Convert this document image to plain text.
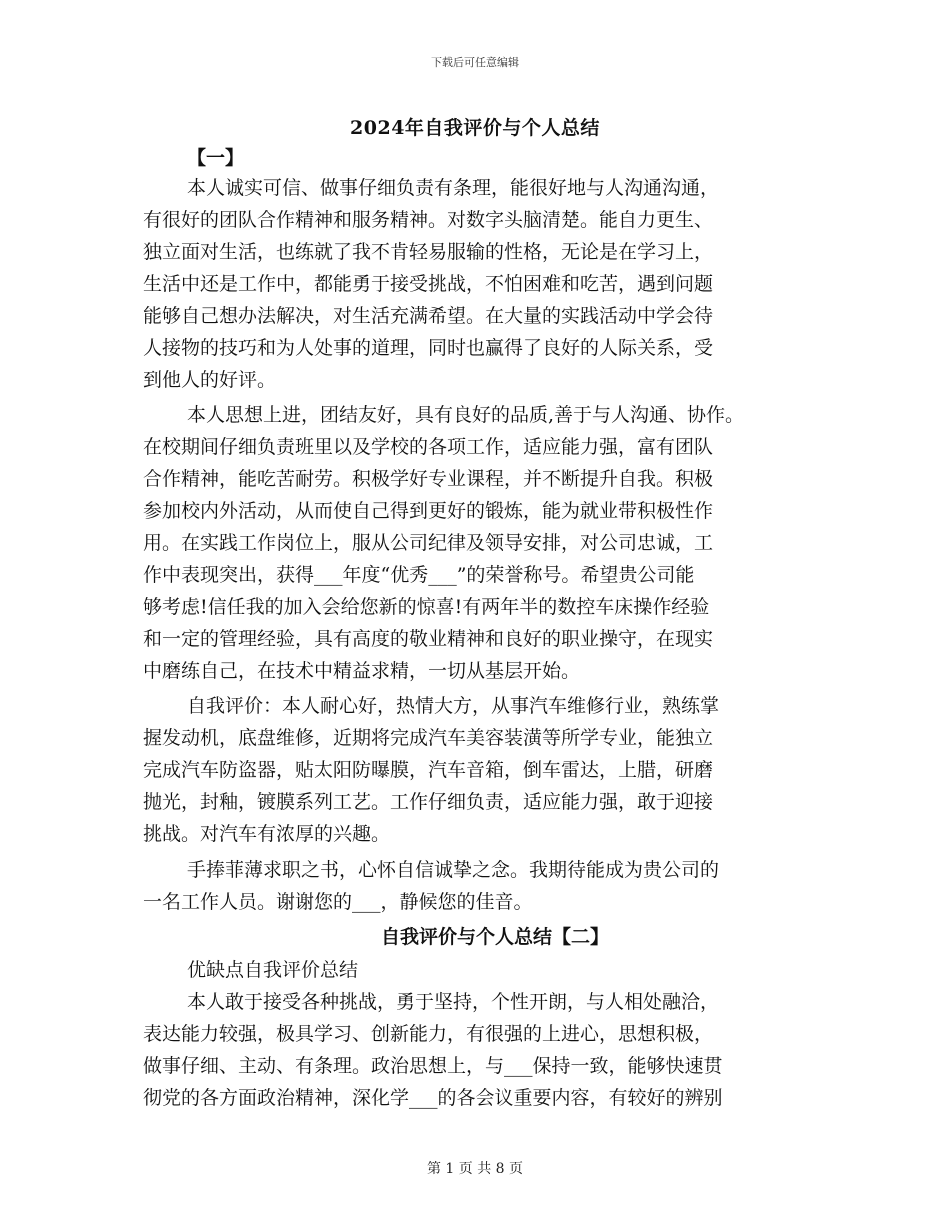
下载后可任意编辑
2024年自我评价与个人总结
【一】
本人诚实可信、做事仔细负责有条理，能很好地与人沟通沟通，
有很好的团队合作精神和服务精神。对数字头脑清楚。能自力更生、
独立面对生活，也练就了我不肯轻易服输的性格，无论是在学习上，
生活中还是工作中，都能勇于接受挑战，不怕困难和吃苦，遇到问题
能够自己想办法解决，对生活充满希望。在大量的实践活动中学会待
人接物的技巧和为人处事的道理，同时也赢得了良好的人际关系，受
到他人的好评。
本人思想上进，团结友好，具有良好的品质,善于与人沟通、协作。
在校期间仔细负责班里以及学校的各项工作，适应能力强，富有团队
合作精神，能吃苦耐劳。积极学好专业课程，并不断提升自我。积极
参加校内外活动，从而使自己得到更好的锻炼，能为就业带积极性作
用。在实践工作岗位上，服从公司纪律及领导安排，对公司忠诚，工
作中表现突出，获得___年度“优秀___”的荣誉称号。希望贵公司能
够考虑!信任我的加入会给您新的惊喜!有两年半的数控车床操作经验
和一定的管理经验，具有高度的敬业精神和良好的职业操守，在现实
中磨练自己，在技术中精益求精，一切从基层开始。
自我评价：本人耐心好，热情大方，从事汽车维修行业，熟练掌
握发动机，底盘维修，近期将完成汽车美容装潢等所学专业，能独立
完成汽车防盗器，贴太阳防曝膜，汽车音箱，倒车雷达，上腊，研磨
抛光，封釉，镀膜系列工艺。工作仔细负责，适应能力强，敢于迎接
挑战。对汽车有浓厚的兴趣。
手捧菲薄求职之书，心怀自信诚挚之念。我期待能成为贵公司的
一名工作人员。谢谢您的___，静候您的佳音。
自我评价与个人总结【二】
优缺点自我评价总结
本人敢于接受各种挑战，勇于坚持，个性开朗，与人相处融洽，
表达能力较强，极具学习、创新能力，有很强的上进心，思想积极，
做事仔细、主动、有条理。政治思想上，与___保持一致，能够快速贯
彻党的各方面政治精神，深化学___的各会议重要内容，有较好的辨别
第 1 页 共 8 页
